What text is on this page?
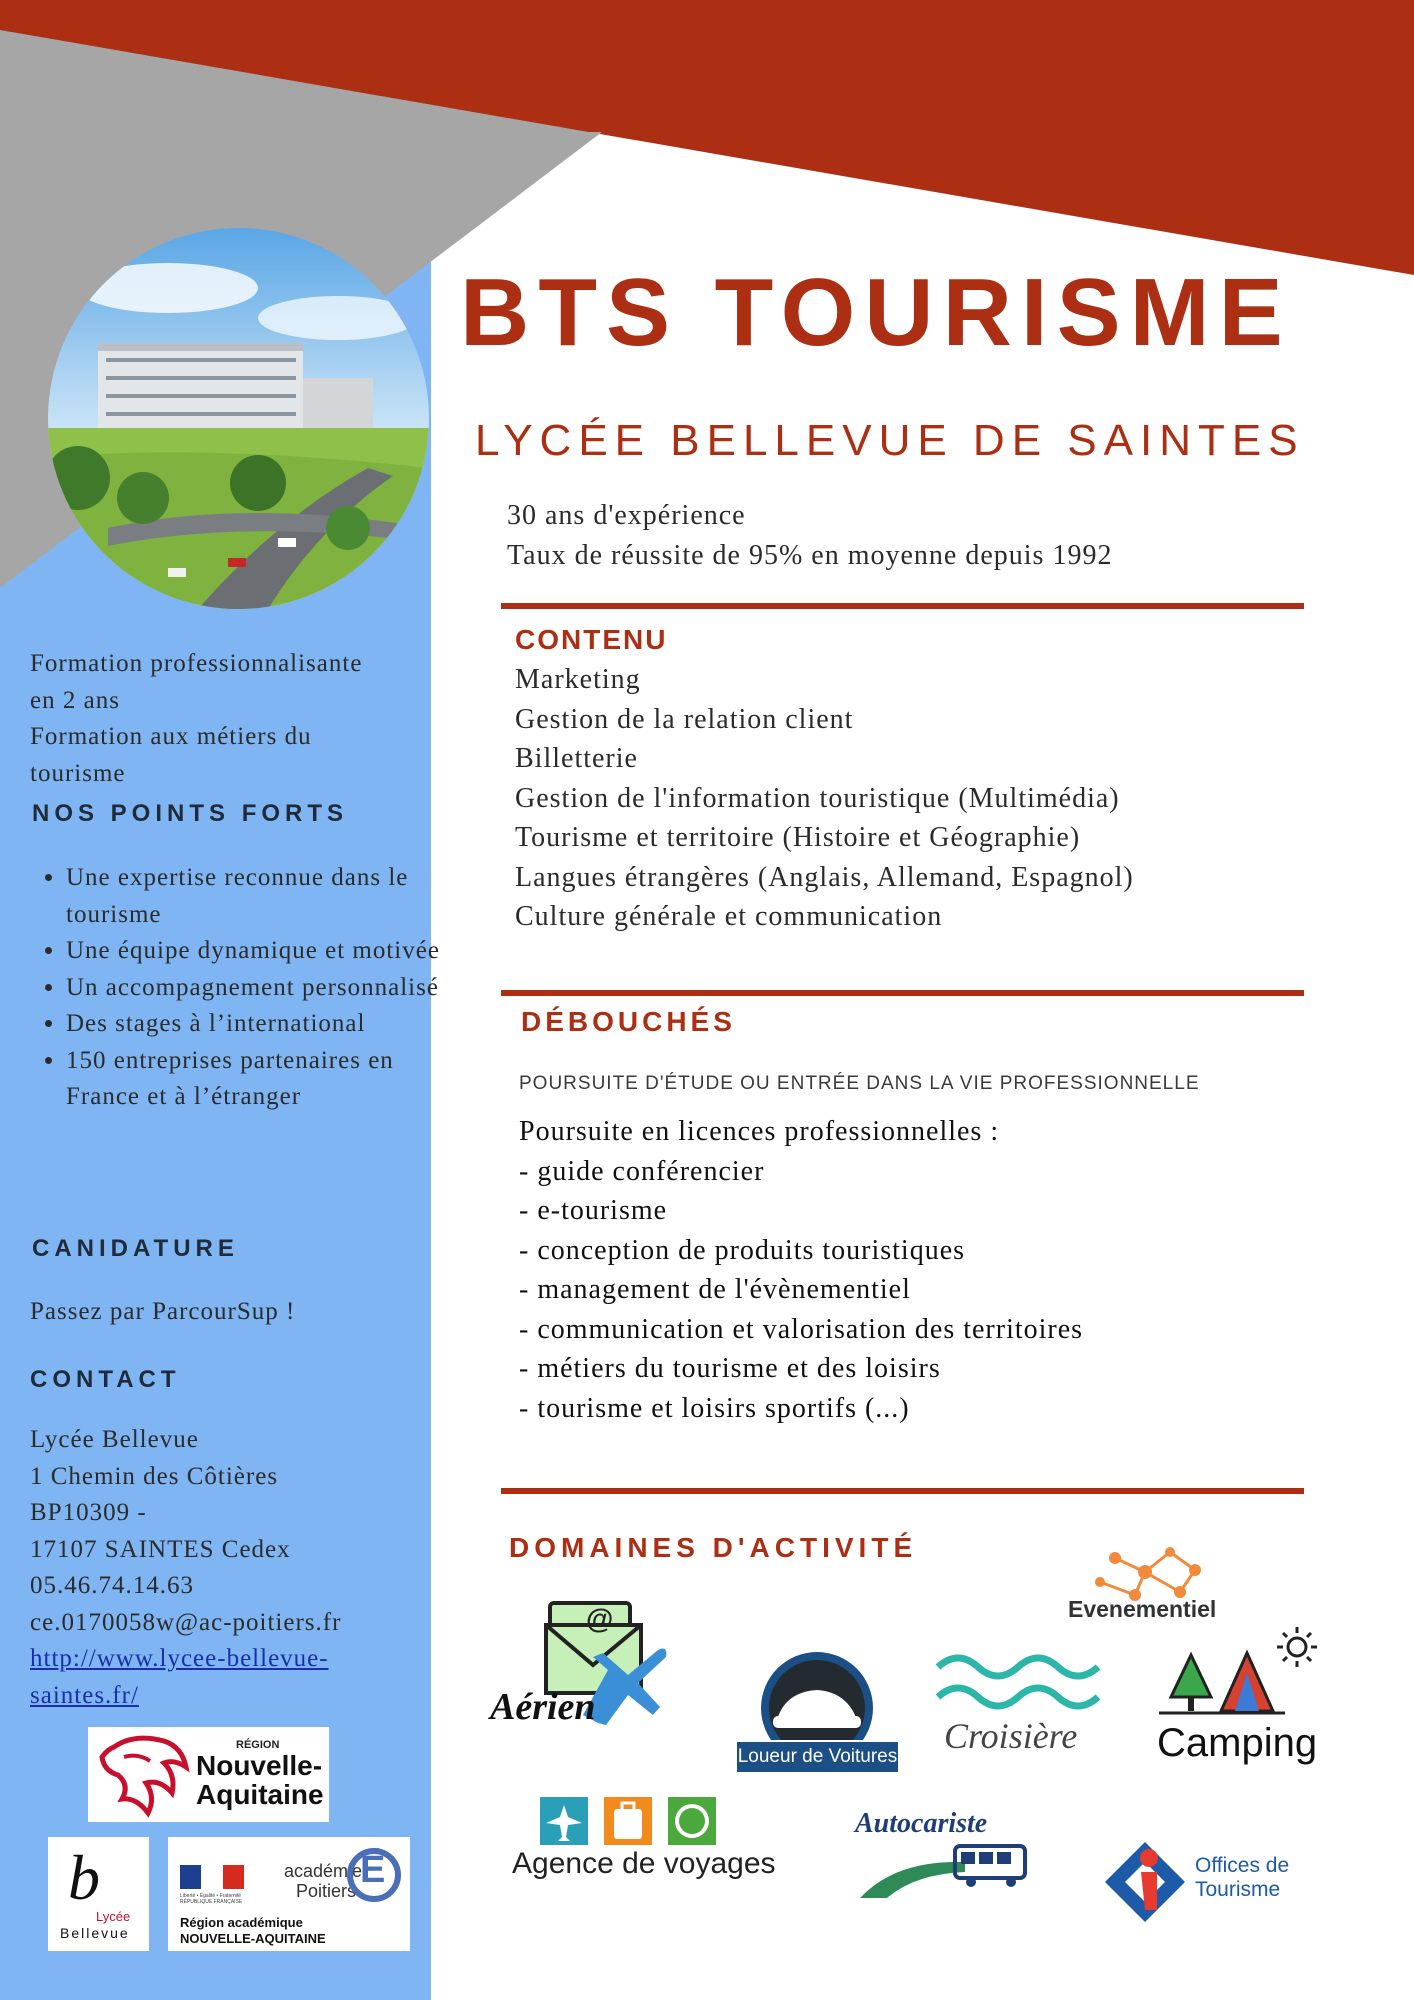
BTS TOURISME
LYCÉE BELLEVUE DE SAINTES
30 ans d'expérience
Taux de réussite de 95% en moyenne depuis 1992
CONTENU
Marketing
Gestion de la relation client
Billetterie
Gestion de l'information touristique (Multimédia)
Tourisme et territoire (Histoire et Géographie)
Langues étrangères (Anglais, Allemand, Espagnol)
Culture générale et communication
DÉBOUCHÉS
POURSUITE D'ÉTUDE OU ENTRÉE DANS LA VIE PROFESSIONNELLE
Poursuite en licences professionnelles :
- guide conférencier
- e-tourisme
- conception de produits touristiques
- management de l'évènementiel
- communication et valorisation des territoires
- métiers du tourisme et des loisirs
- tourisme et loisirs sportifs (...)
DOMAINES D'ACTIVITÉ
Evenementiel
@
Aérien
Loueur de Voitures
Croisière Camping
Agence de voyages
Autocariste
Offices de
Tourisme
Formation professionnalisante
en 2 ans
Formation aux métiers du
tourisme
NOS POINTS FORTS
• Une expertise reconnue dans le tourisme
• Une équipe dynamique et motivée
• Un accompagnement personnalisé
• Des stages à l’international
• 150 entreprises partenaires en France et à l’étranger
CANIDATURE
Passez par ParcourSup !
CONTACT
Lycée Bellevue
1 Chemin des Côtières
BP10309 -
17107 SAINTES Cedex
05.46.74.14.63
ce.0170058w@ac-poitiers.fr
http://www.lycee-bellevue-
saintes.fr/
RÉGION
Nouvelle-
Aquitaine
b
Lycée
Bellevue
Liberté • Égalité • Fraternité RÉPUBLIQUE FRANÇAISE
académie
Poitiers É
Région académique
NOUVELLE-AQUITAINE
